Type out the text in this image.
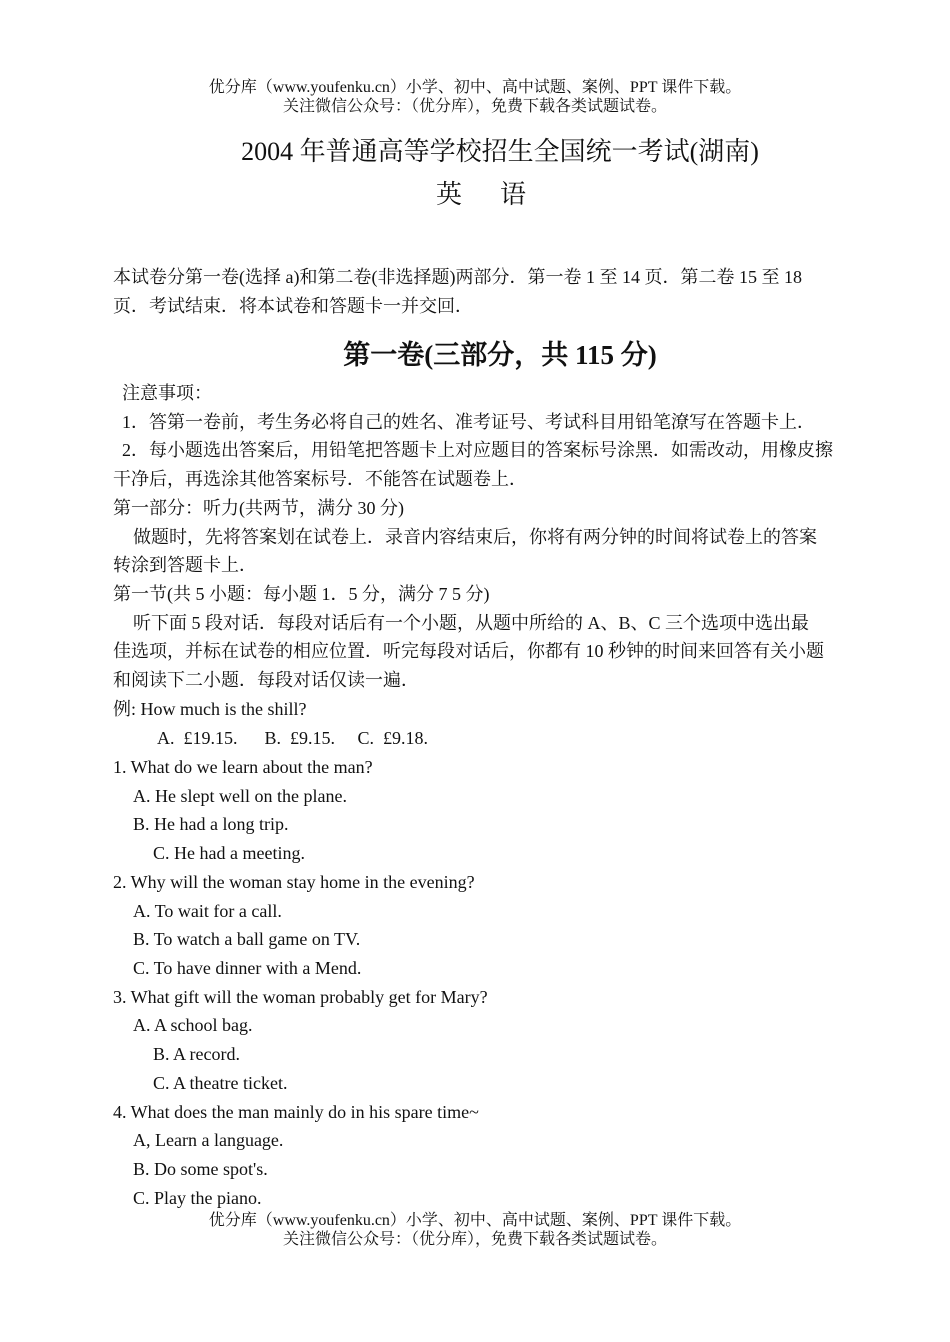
优分库（www.youfenku.cn）小学、初中、高中试题、案例、PPT 课件下载。
关注微信公众号：（优分库），免费下载各类试题试卷。
2004 年普通高等学校招生全国统一考试(湖南)
英语
本试卷分第一卷(选择 a)和第二卷(非选择题)两部分．第一卷 1 至 14 页．第二卷 15 至 18
页．考试结束．将本试卷和答题卡一并交回．
第一卷(三部分，共 115 分)
注意事项：
1．答第一卷前，考生务必将自己的姓名、准考证号、考试科目用铅笔潦写在答题卡上．
2．每小题选出答案后，用铅笔把答题卡上对应题目的答案标号涂黑．如需改动，用橡皮擦
干净后，再选涂其他答案标号．不能答在试题卷上．
第一部分：听力(共两节，满分 30 分)
做题时，先将答案划在试卷上．录音内容结束后，你将有两分钟的时间将试卷上的答案
转涂到答题卡上．
第一节(共 5 小题：每小题 1．5 分，满分 7 5 分)
听下面 5 段对话．每段对话后有一个小题，从题中所给的 A、B、C 三个选项中选出最
佳选项，并标在试卷的相应位置．听完每段对话后，你都有 10 秒钟的时间来回答有关小题
和阅读下二小题．每段对话仅读一遍．
例: How much is the shill?
A.  £19.15.      B.  £9.15.     C.  £9.18.
1. What do we learn about the man?
A. He slept well on the plane.
B. He had a long trip.
C. He had a meeting.
2. Why will the woman stay home in the evening?
A. To wait for a call.
B. To watch a ball game on TV.
C. To have dinner with a Mend.
3. What gift will the woman probably get for Mary?
A. A school bag.
B. A record.
C. A theatre ticket.
4. What does the man mainly do in his spare time~
A, Learn a language.
B. Do some spot's.
C. Play the piano.
优分库（www.youfenku.cn）小学、初中、高中试题、案例、PPT 课件下载。
关注微信公众号：（优分库），免费下载各类试题试卷。
